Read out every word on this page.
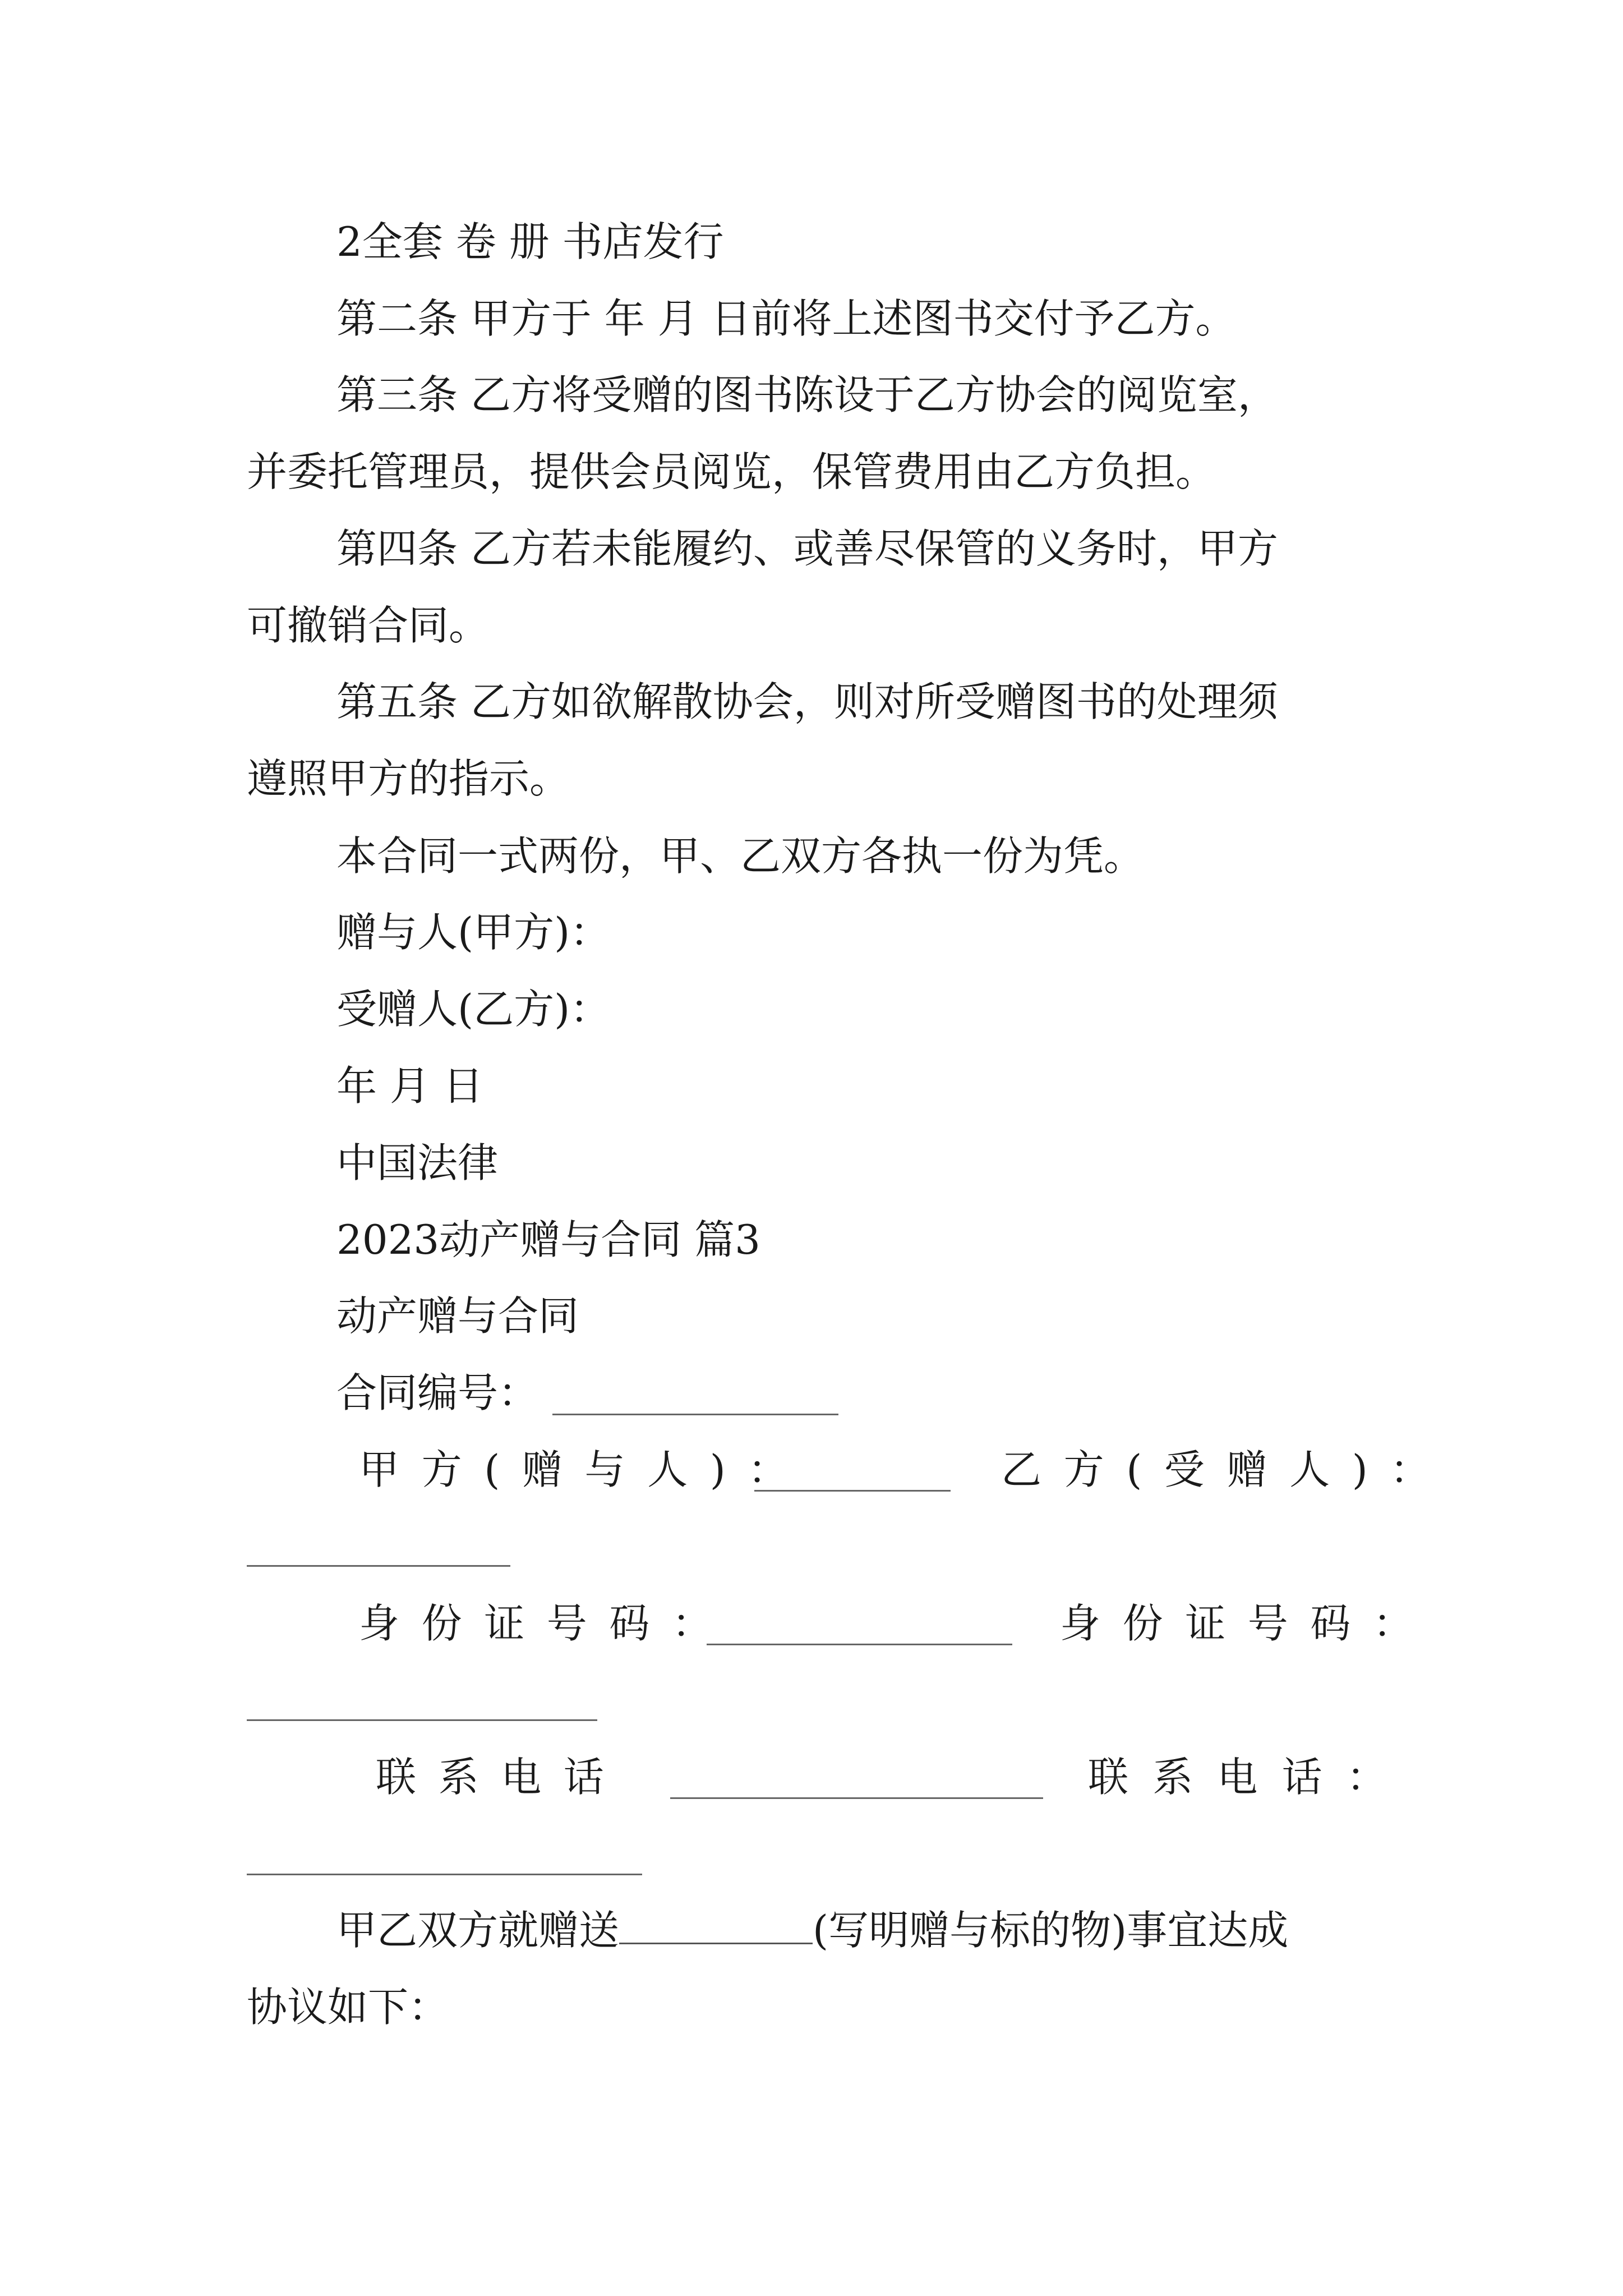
2全套 卷 册 书店发行
第二条 甲方于 年 月 日前将上述图书交付予乙方。
第三条 乙方将受赠的图书陈设于乙方协会的阅览室，
并委托管理员，提供会员阅览，保管费用由乙方负担。
第四条 乙方若未能履约、或善尽保管的义务时，甲方
可撤销合同。
第五条 乙方如欲解散协会，则对所受赠图书的处理须
遵照甲方的指示。
本合同一式两份，甲、乙双方各执一份为凭。
赠与人(甲方)：
受赠人(乙方)：
年 月 日
中国法律
2023动产赠与合同 篇3
动产赠与合同
合同编号：
甲方(赠与人)：	乙方(受赠人)：
身份证号码：	身份证号码：
联系电话	联系电话：
甲乙双方就赠送	(写明赠与标的物)事宜达成
协议如下：
